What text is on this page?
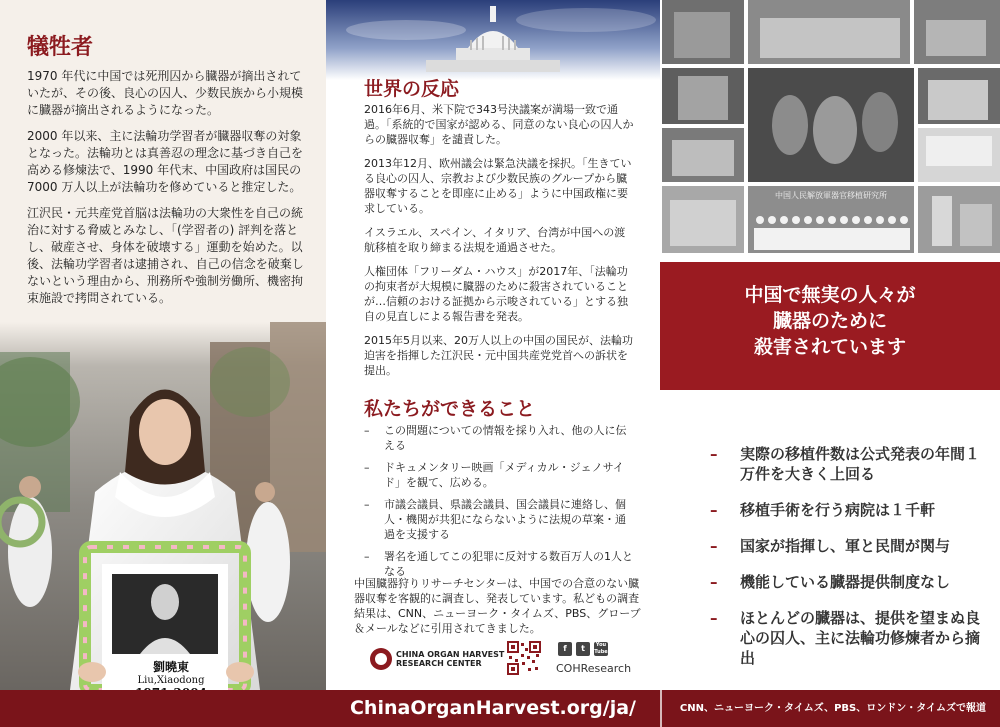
犠牲者

1970 年代に中国では死刑囚から臓器が摘出されていたが、その後、良心の囚人、少数民族から小規模に臓器が摘出されるようになった。

2000 年以来、主に法輪功学習者が臓器収奪の対象となった。法輪功とは真善忍の理念に基づき自己を高める修煉法で、1990 年代末、中国政府は国民の 7000 万人以上が法輪功を修めていると推定した。

江沢民・元共産党首脳は法輪功の大衆性を自己の統治に対する脅威とみなし、「(学習者の) 評判を落とし、破産させ、身体を破壊する」運動を始めた。以後、法輪功学習者は逮捕され、自己の信念を破棄しないという理由から、刑務所や強制労働所、機密拘束施設で拷問されている。

劉曉東
Liu,Xiaodong
世界の反応

2016年6月、米下院で343号決議案が満場一致で通過。「系統的で国家が認める、同意のない良心の囚人からの臓器収奪」を譴責した。

2013年12月、欧州議会は緊急決議を採択。「生きている良心の囚人、宗教および少数民族のグループから臓器収奪することを即座に止める」ように中国政権に要求している。

イスラエル、スペイン、イタリア、台湾が中国への渡航移植を取り締まる法規を通過させた。

人権団体「フリーダム・ハウス」が2017年、「法輪功の拘束者が大規模に臓器のために殺害されていることが…信頼のおける証拠から示唆されている」とする独自の見直しによる報告書を発表。

2015年5月以来、20万人以上の中国の国民が、法輪功迫害を指揮した江沢民・元中国共産党党首への訴状を提出。

私たちができること
– この問題についての情報を採り入れ、他の人に伝える
– ドキュメンタリー映画「メディカル・ジェノサイド」を観て、広める。
– 市議会議員、県議会議員、国会議員に連絡し、個人・機関が共犯にならないように法規の草案・通過を支援する
– 署名を通してこの犯罪に反対する数百万人の1人となる

中国臓器狩りリサーチセンターは、中国での合意のない臓器収奪を客観的に調査し、発表しています。私どもの調査結果は、CNN、ニューヨーク・タイムズ、PBS、グローブ＆メールなどに引用されてきました。

CHINA ORGAN HARVEST
RESEARCH CENTER
f	t	You Tube
COHResearch
中国人民解放軍器官移植研究所
中国で無実の人々が
臓器のために
殺害されています
– 実際の移植件数は公式発表の年間１万件を大きく上回る
– 移植手術を行う病院は１千軒
– 国家が指揮し、軍と民間が関与
– 機能している臓器提供制度なし
– ほとんどの臓器は、提供を望まぬ良心の囚人、主に法輪功修煉者から摘出
ChinaOrganHarvest.org/ja/	CNN、ニューヨーク・タイムズ、PBS、ロンドン・タイムズで報道
